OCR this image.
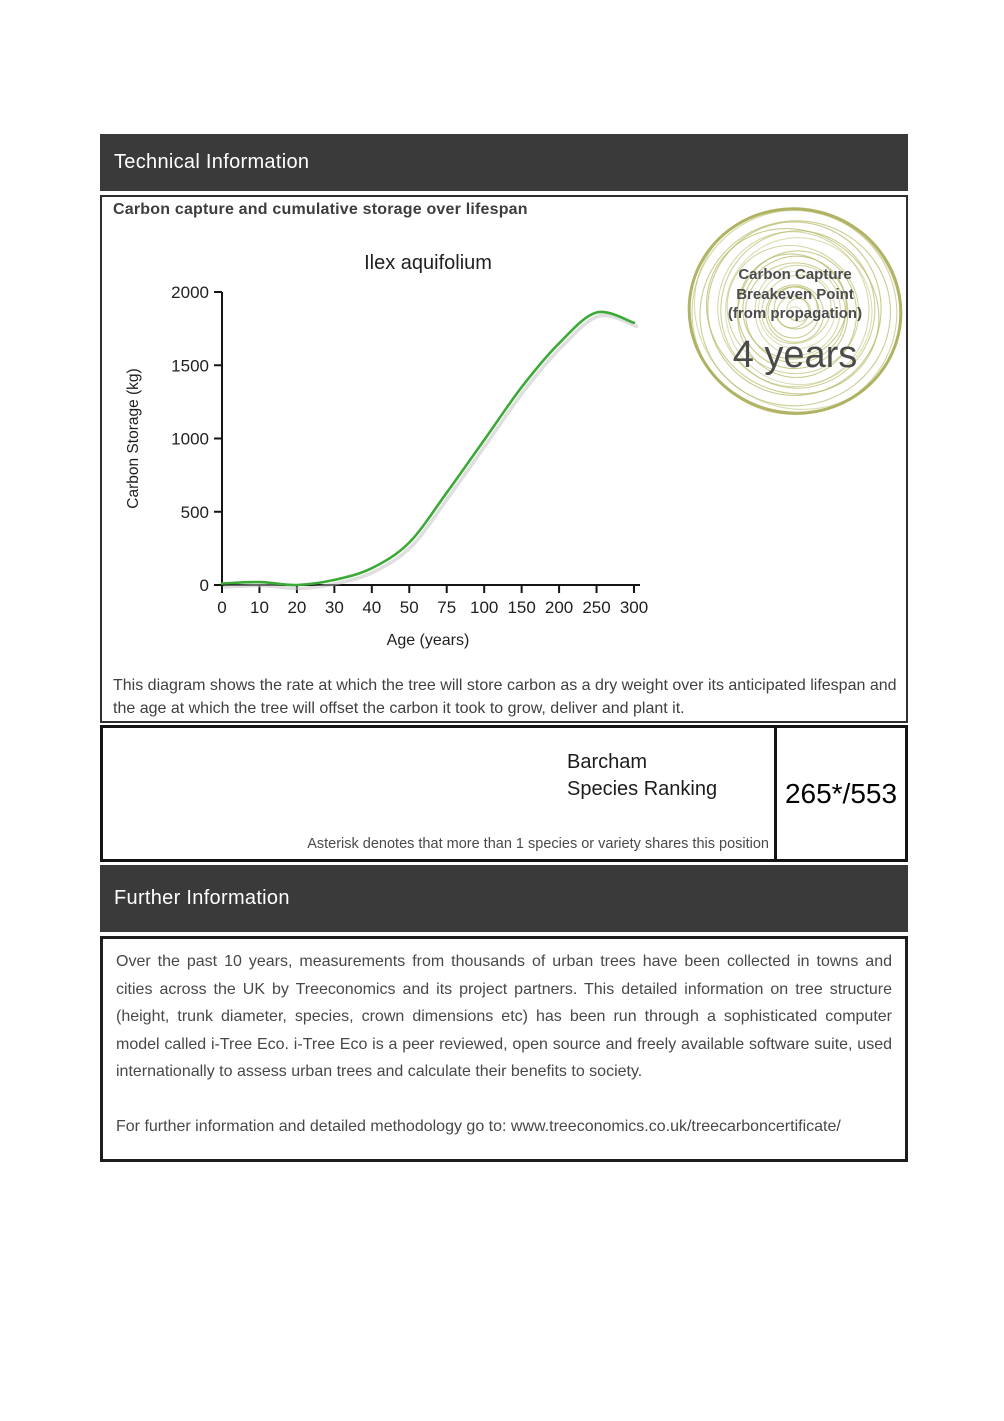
Technical Information
Carbon capture and cumulative storage over lifespan
Ilex aquifolium
0
500
1000
1500
2000
0 10 20 30 40 50 75 100 150 200 250 300
Age (years)
Carbon Storage (kg)
Carbon Capture
Breakeven Point
(from propagation)
4 years
This diagram shows the rate at which the tree will store carbon as a dry weight over its anticipated lifespan and the age at which the tree will offset the carbon it took to grow, deliver and plant it.
Barcham
Species Ranking
Asterisk denotes that more than 1 species or variety shares this position
265*/553
Further Information
Over the past 10 years, measurements from thousands of urban trees have been collected in towns and cities across the UK by Treeconomics and its project partners. This detailed information on tree structure (height, trunk diameter, species, crown dimensions etc) has been run through a sophisticated computer model called i-Tree Eco. i-Tree Eco is a peer reviewed, open source and freely available software suite, used internationally to assess urban trees and calculate their benefits to society.
For further information and detailed methodology go to: www.treeconomics.co.uk/treecarboncertificate/
